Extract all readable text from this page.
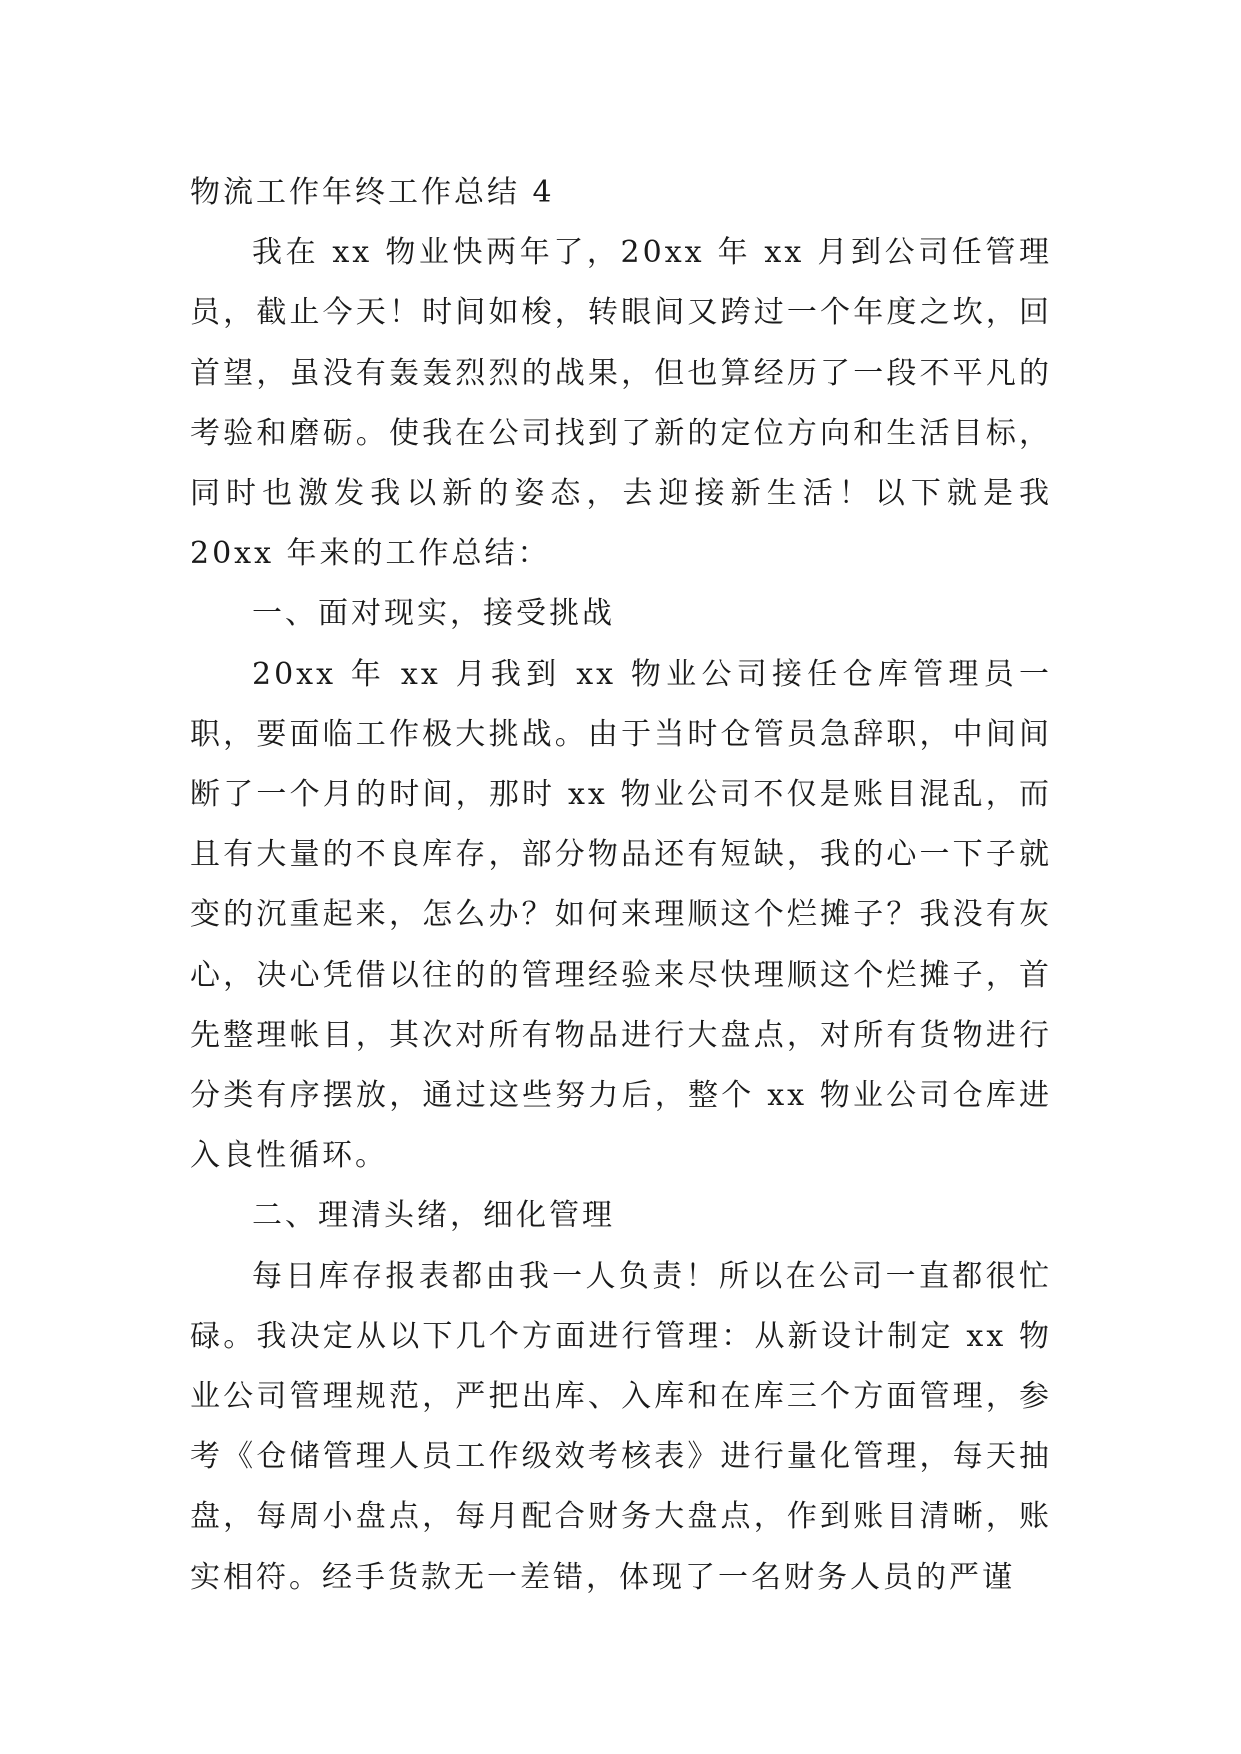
物流工作年终工作总结 4

我在 xx 物业快两年了，20xx 年 xx 月到公司任管理员，截止今天！时间如梭，转眼间又跨过一个年度之坎，回首望，虽没有轰轰烈烈的战果，但也算经历了一段不平凡的考验和磨砺。使我在公司找到了新的定位方向和生活目标，同时也激发我以新的姿态，去迎接新生活！以下就是我 20xx 年来的工作总结：

一、面对现实，接受挑战

20xx 年 xx 月我到 xx 物业公司接任仓库管理员一职，要面临工作极大挑战。由于当时仓管员急辞职，中间间断了一个月的时间，那时 xx 物业公司不仅是账目混乱，而且有大量的不良库存，部分物品还有短缺，我的心一下子就变的沉重起来，怎么办？如何来理顺这个烂摊子？我没有灰心，决心凭借以往的的管理经验来尽快理顺这个烂摊子，首先整理帐目，其次对所有物品进行大盘点，对所有货物进行分类有序摆放，通过这些努力后，整个 xx 物业公司仓库进入良性循环。

二、理清头绪，细化管理

每日库存报表都由我一人负责！所以在公司一直都很忙碌。我决定从以下几个方面进行管理：从新设计制定 xx 物业公司管理规范，严把出库、入库和在库三个方面管理，参考《仓储管理人员工作级效考核表》进行量化管理，每天抽盘，每周小盘点，每月配合财务大盘点，作到账目清晰，账实相符。经手货款无一差错，体现了一名财务人员的严谨
